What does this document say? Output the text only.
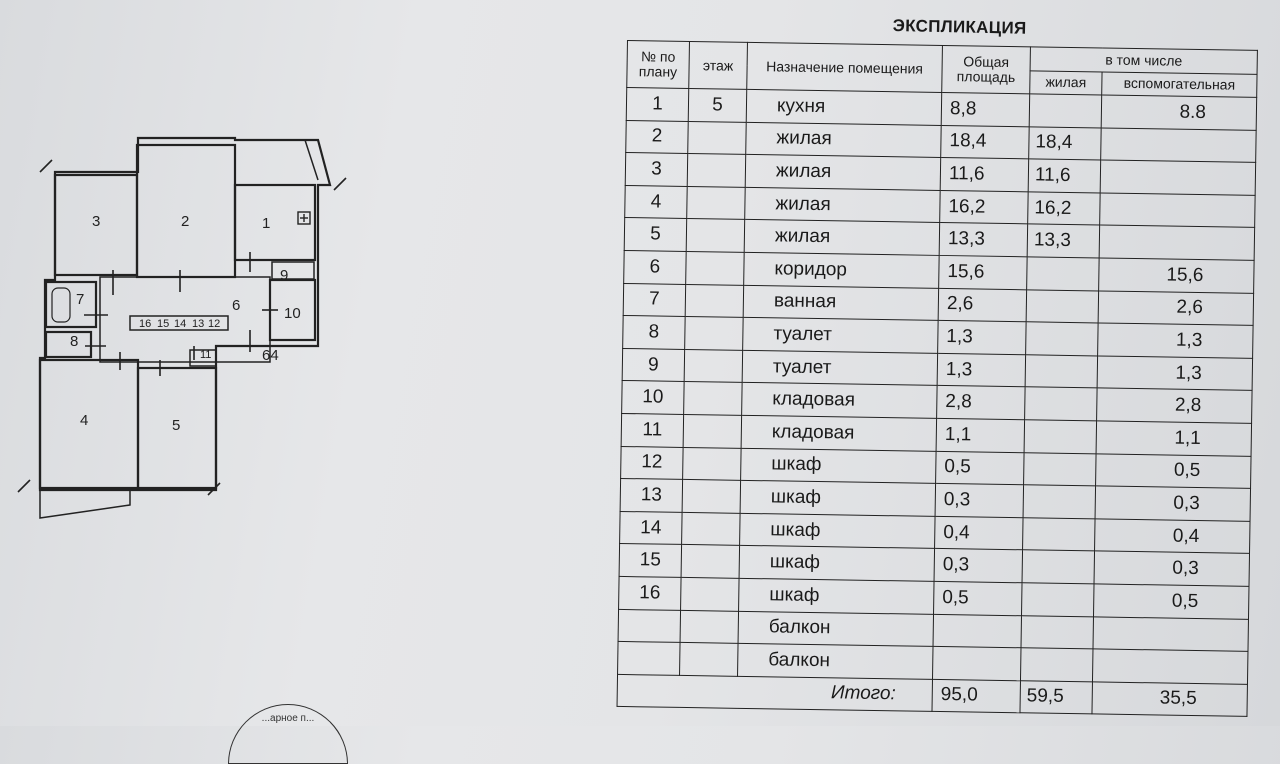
3	2	1
4	5
6
7
8
9
10
11
16 15 14 13 12
64
ЭКСПЛИКАЦИЯ
№ по плану	этаж	Назначение помещения	Общая площадь	в том числе	
				жилая	вспомогательная
1	5	кухня	8,8		8.8
2		жилая	18,4	18,4	
3		жилая	11,6	11,6	
4		жилая	16,2	16,2	
5		жилая	13,3	13,3	
6		коридор	15,6		15,6
7		ванная	2,6		2,6
8		туалет	1,3		1,3
9		туалет	1,3		1,3
10		кладовая	2,8		2,8
11		кладовая	1,1		1,1
12		шкаф	0,5		0,5
13		шкаф	0,3		0,3
14		шкаф	0,4		0,4
15		шкаф	0,3		0,3
16		шкаф	0,5		0,5
		балкон			
		балкон			
Итого:			95,0	59,5	35,5
...арное п...
